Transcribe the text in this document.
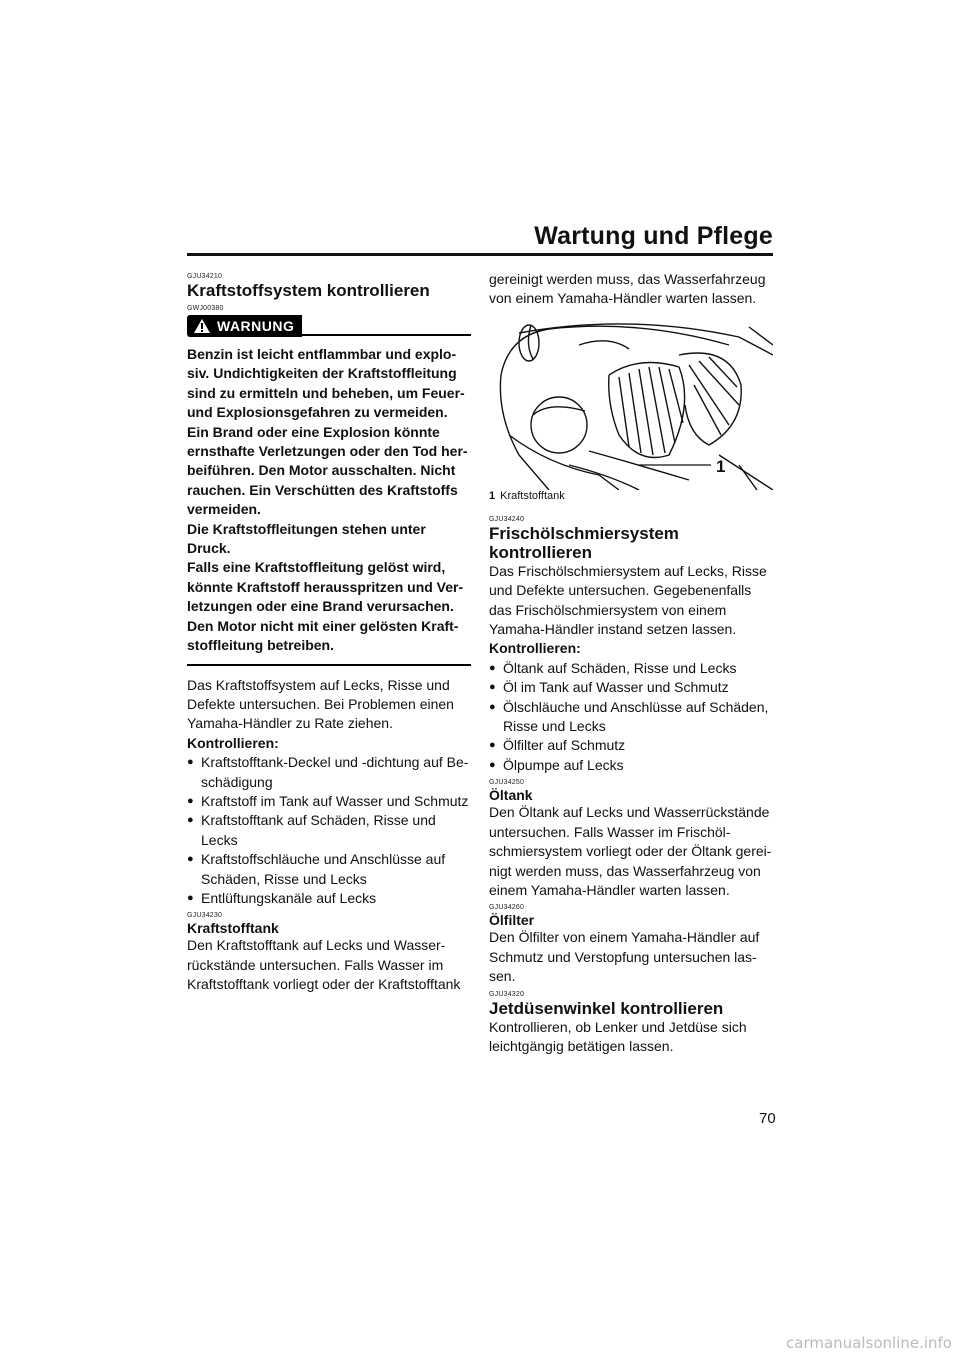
Wartung und Pflege
GJU34210
Kraftstoffsystem kontrollieren
GWJ00380
WARNUNG

Benzin ist leicht entflammbar und explo-siv. Undichtigkeiten der Kraftstoffleitung sind zu ermitteln und beheben, um Feuer- und Explosionsgefahren zu vermeiden. Ein Brand oder eine Explosion könnte ernsthafte Verletzungen oder den Tod her-beiführen. Den Motor ausschalten. Nicht rauchen. Ein Verschütten des Kraftstoffs vermeiden.

Die Kraftstoffleitungen stehen unter Druck.

Falls eine Kraftstoffleitung gelöst wird, könnte Kraftstoff herausspritzen und Ver-letzungen oder eine Brand verursachen. Den Motor nicht mit einer gelösten Kraft-stoffleitung betreiben.

Das Kraftstoffsystem auf Lecks, Risse und Defekte untersuchen. Bei Problemen einen Yamaha-Händler zu Rate ziehen.

Kontrollieren:

● Kraftstofftank-Deckel und -dichtung auf Be-schädigung
● Kraftstoff im Tank auf Wasser und Schmutz
● Kraftstofftank auf Schäden, Risse und Lecks
● Kraftstoffschläuche und Anschlüsse auf Schäden, Risse und Lecks
● Entlüftungskanäle auf Lecks
GJU34230
Kraftstofftank

Den Kraftstofftank auf Lecks und Wasser-rückstände untersuchen. Falls Wasser im Kraftstofftank vorliegt oder der Kraftstofftank

gereinigt werden muss, das Wasserfahrzeug von einem Yamaha-Händler warten lassen.

1
1 Kraftstofftank
GJU34240
Frischölschmiersystem kontrollieren

Das Frischölschmiersystem auf Lecks, Risse und Defekte untersuchen. Gegebenenfalls das Frischölschmiersystem von einem Yamaha-Händler instand setzen lassen.

Kontrollieren:

● Öltank auf Schäden, Risse und Lecks
● Öl im Tank auf Wasser und Schmutz
● Ölschläuche und Anschlüsse auf Schäden, Risse und Lecks
● Ölfilter auf Schmutz
● Ölpumpe auf Lecks
GJU34250
Öltank

Den Öltank auf Lecks und Wasserrückstände untersuchen. Falls Wasser im Frischöl-schmiersystem vorliegt oder der Öltank gerei-nigt werden muss, das Wasserfahrzeug von einem Yamaha-Händler warten lassen.

GJU34260
Ölfilter

Den Ölfilter von einem Yamaha-Händler auf Schmutz und Verstopfung untersuchen las-sen.

GJU34320
Jetdüsenwinkel kontrollieren

Kontrollieren, ob Lenker und Jetdüse sich leichtgängig betätigen lassen.

70
carmanualsonline.info
